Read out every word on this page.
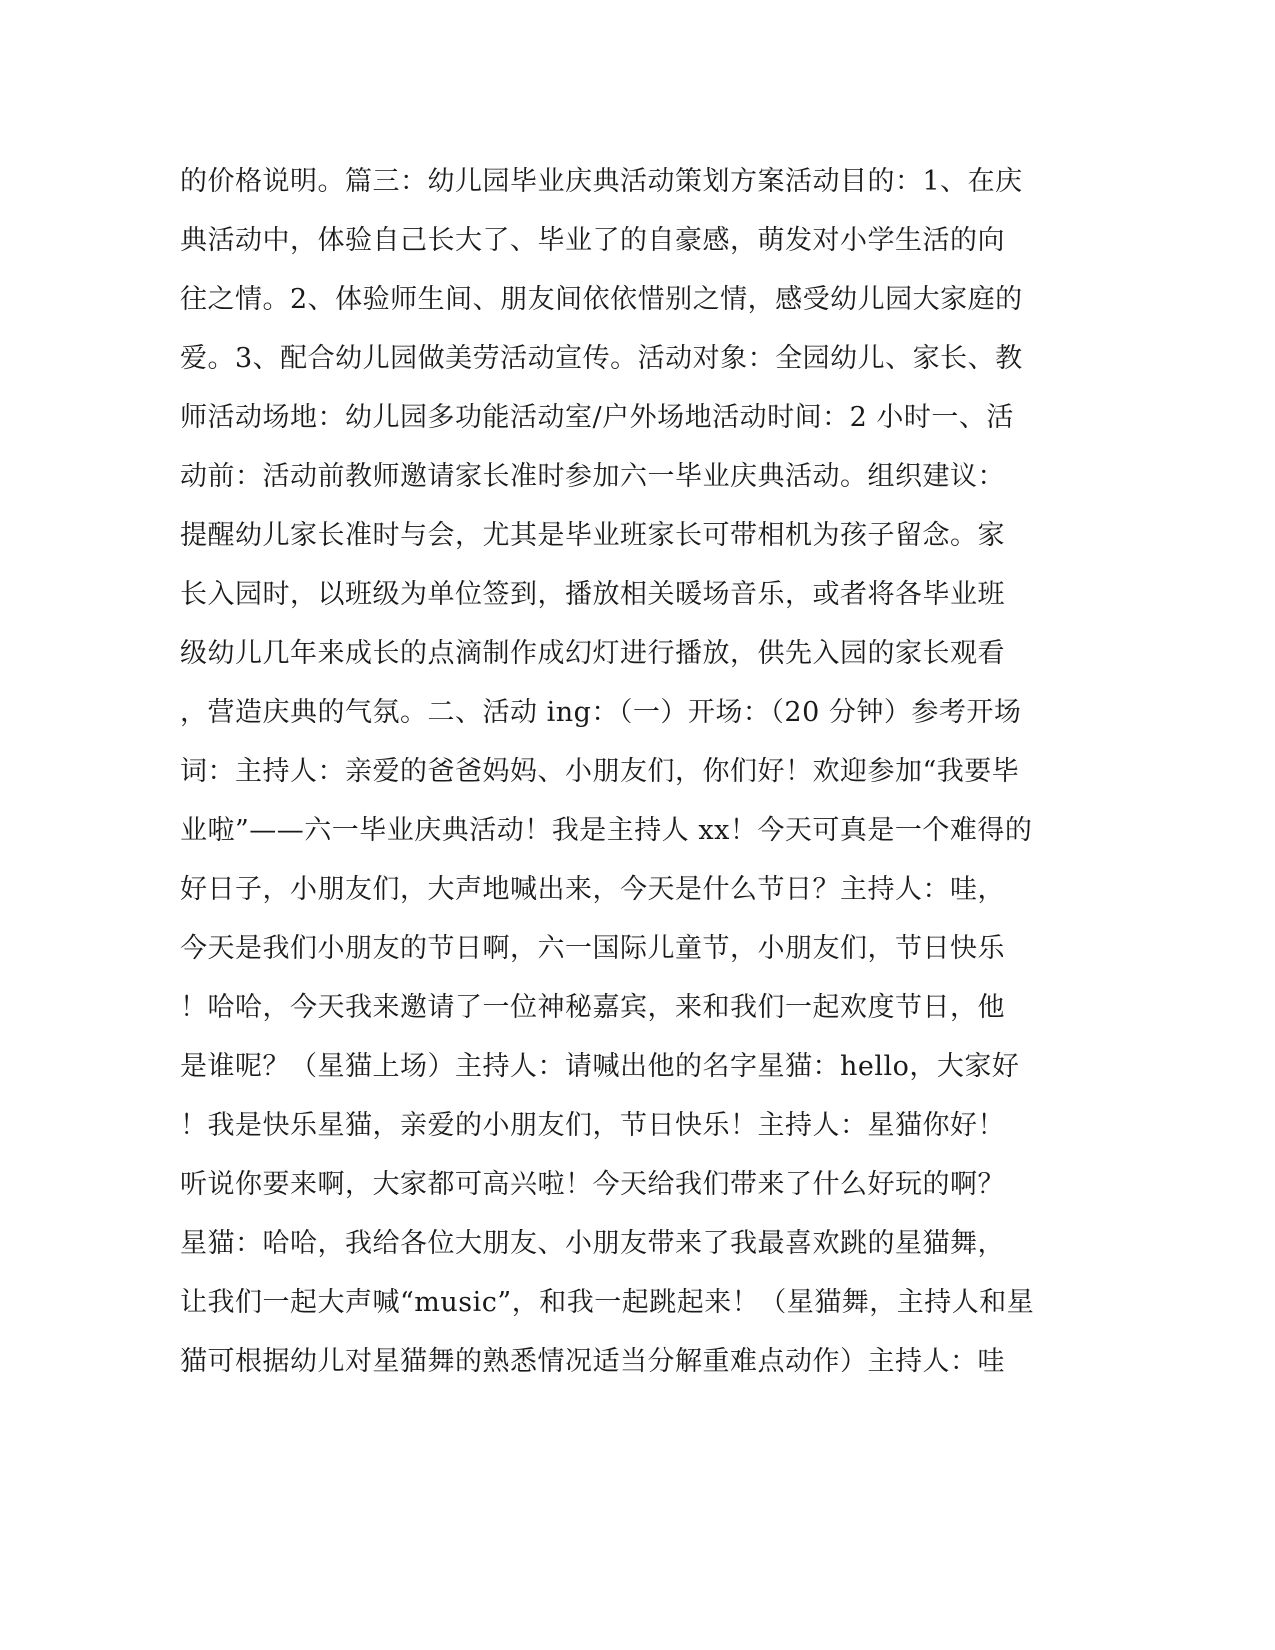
的价格说明。篇三：幼儿园毕业庆典活动策划方案活动目的：1、在庆
典活动中，体验自己长大了、毕业了的自豪感，萌发对小学生活的向
往之情。2、体验师生间、朋友间依依惜别之情，感受幼儿园大家庭的
爱。3、配合幼儿园做美劳活动宣传。活动对象：全园幼儿、家长、教
师活动场地：幼儿园多功能活动室/户外场地活动时间：2 小时一、活
动前：活动前教师邀请家长准时参加六一毕业庆典活动。组织建议：
提醒幼儿家长准时与会，尤其是毕业班家长可带相机为孩子留念。家
长入园时，以班级为单位签到，播放相关暖场音乐，或者将各毕业班
级幼儿几年来成长的点滴制作成幻灯进行播放，供先入园的家长观看
，营造庆典的气氛。二、活动 ing：（一）开场：（20 分钟）参考开场
词：主持人：亲爱的爸爸妈妈、小朋友们，你们好！欢迎参加“我要毕
业啦”——六一毕业庆典活动！我是主持人 xx！今天可真是一个难得的
好日子，小朋友们，大声地喊出来，今天是什么节日？主持人：哇，
今天是我们小朋友的节日啊，六一国际儿童节，小朋友们，节日快乐
！哈哈，今天我来邀请了一位神秘嘉宾，来和我们一起欢度节日，他
是谁呢？（星猫上场）主持人：请喊出他的名字星猫：hello，大家好
！我是快乐星猫，亲爱的小朋友们，节日快乐！主持人：星猫你好！
听说你要来啊，大家都可高兴啦！今天给我们带来了什么好玩的啊？
星猫：哈哈，我给各位大朋友、小朋友带来了我最喜欢跳的星猫舞，
让我们一起大声喊“music”，和我一起跳起来！（星猫舞，主持人和星
猫可根据幼儿对星猫舞的熟悉情况适当分解重难点动作）主持人：哇
